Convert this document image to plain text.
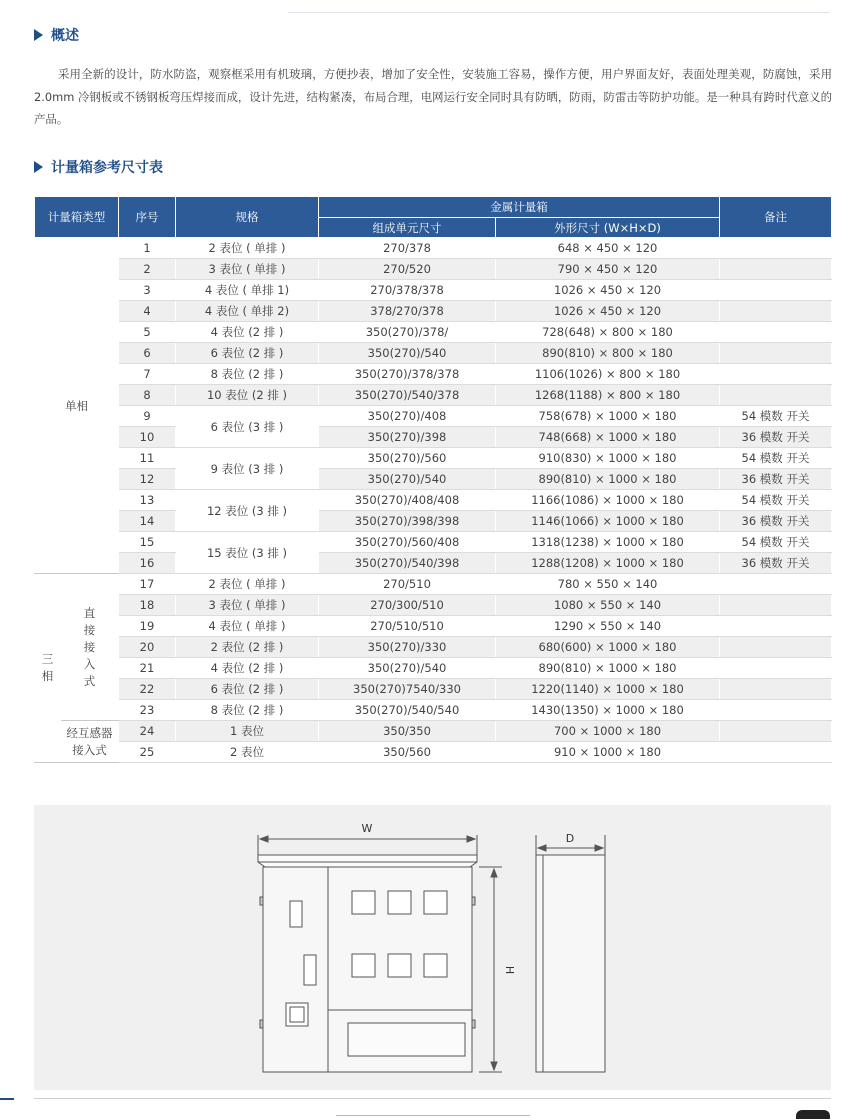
概述

采用全新的设计，防水防盗，观察框采用有机玻璃，方便抄表，增加了安全性，安装施工容易，操作方便，用户界面友好，表面处理美观，防腐蚀，采用 2.0mm 冷钢板或不锈钢板弯压焊接而成，设计先进，结构紧凑，布局合理，电网运行安全同时具有防晒，防雨，防雷击等防护功能。是一种具有跨时代意义的产品。

计量箱参考尺寸表
计量箱类型		序号	规格	金属计量箱		备注
				组成单元尺寸	外形尺寸 (W×H×D)	
单相		1	2 表位 ( 单排 )	270/378	648 × 450 × 120	
		2	3 表位 ( 单排 )	270/520	790 × 450 × 120	
		3	4 表位 ( 单排 1)	270/378/378	1026 × 450 × 120	
		4	4 表位 ( 单排 2)	378/270/378	1026 × 450 × 120	
		5	4 表位 (2 排 )	350(270)/378/	728(648) × 800 × 180	
		6	6 表位 (2 排 )	350(270)/540	890(810) × 800 × 180	
		7	8 表位 (2 排 )	350(270)/378/378	1106(1026) × 800 × 180	
		8	10 表位 (2 排 )	350(270)/540/378	1268(1188) × 800 × 180	
		9	6 表位 (3 排 )	350(270)/408	758(678) × 1000 × 180	54 模数 开关
		10		350(270)/398	748(668) × 1000 × 180	36 模数 开关
		11	9 表位 (3 排 )	350(270)/560	910(830) × 1000 × 180	54 模数 开关
		12		350(270)/540	890(810) × 1000 × 180	36 模数 开关
		13	12 表位 (3 排 )	350(270)/408/408	1166(1086) × 1000 × 180	54 模数 开关
		14		350(270)/398/398	1146(1066) × 1000 × 180	36 模数 开关
		15	15 表位 (3 排 )	350(270)/560/408	1318(1238) × 1000 × 180	54 模数 开关
		16		350(270)/540/398	1288(1208) × 1000 × 180	36 模数 开关
三相	直接接入式	17	2 表位 ( 单排 )	270/510	780 × 550 × 140	
		18	3 表位 ( 单排 )	270/300/510	1080 × 550 × 140	
		19	4 表位 ( 单排 )	270/510/510	1290 × 550 × 140	
		20	2 表位 (2 排 )	350(270)/330	680(600) × 1000 × 180	
		21	4 表位 (2 排 )	350(270)/540	890(810) × 1000 × 180	
		22	6 表位 (2 排 )	350(270)7540/330	1220(1140) × 1000 × 180	
		23	8 表位 (2 排 )	350(270)/540/540	1430(1350) × 1000 × 180	
	经互感器接入式	24	1 表位	350/350	700 × 1000 × 180	
		25	2 表位	350/560	910 × 1000 × 180	
W
D
H
